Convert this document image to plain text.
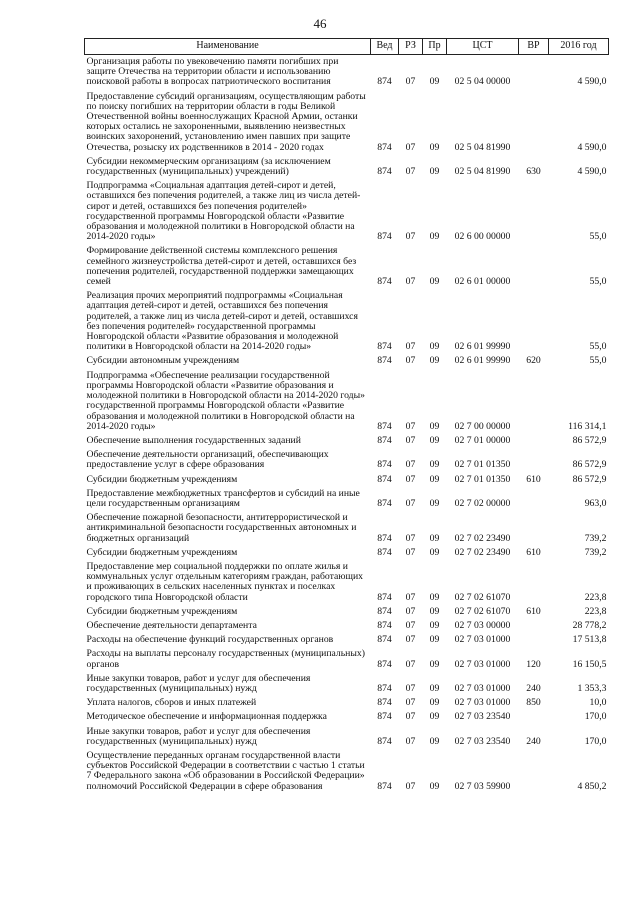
46
Наименование	Вед	РЗ	Пр	ЦСТ	ВР	2016 год
Организация работы по увековечению памяти погибших при защите Отечества на территории области и использованию поисковой работы в вопросах патриотического воспитания	874	07	09	02 5 04 00000		4 590,0
Предоставление субсидий организациям, осуществляющим работы по поиску погибших на территории области в годы Великой Отечественной войны военнослужащих Красной Армии, останки которых остались не захороненными, выявлению неизвестных воинских захоронений, установлению имен павших при защите Отечества, розыску их родственников в 2014 - 2020 годах	874	07	09	02 5 04 81990		4 590,0
Субсидии некоммерческим организациям (за исключением государственных (муниципальных) учреждений)	874	07	09	02 5 04 81990	630	4 590,0
Подпрограмма «Социальная адаптация детей-сирот и детей, оставшихся без попечения родителей, а также лиц из числа детей-сирот и детей, оставшихся без попечения родителей» государственной программы Новгородской области «Развитие образования и молодежной политики в Новгородской области на 2014-2020 годы»	874	07	09	02 6 00 00000		55,0
Формирование действенной системы комплексного решения семейного жизнеустройства детей-сирот и детей, оставшихся без попечения родителей, государственной поддержки замещающих семей	874	07	09	02 6 01 00000		55,0
Реализация прочих мероприятий подпрограммы «Социальная адаптация детей-сирот и детей, оставшихся без попечения родителей, а также лиц из числа детей-сирот и детей, оставшихся без попечения родителей» государственной программы Новгородской области «Развитие образования и молодежной политики в Новгородской области на 2014-2020 годы»	874	07	09	02 6 01 99990		55,0
Субсидии автономным учреждениям	874	07	09	02 6 01 99990	620	55,0
Подпрограмма «Обеспечение реализации государственной программы Новгородской области «Развитие образования и молодежной политики в Новгородской области на 2014-2020 годы» государственной программы Новгородской области «Развитие образования и молодежной политики в Новгородской области на 2014-2020 годы»	874	07	09	02 7 00 00000		116 314,1
Обеспечение выполнения государственных заданий	874	07	09	02 7 01 00000		86 572,9
Обеспечение деятельности организаций, обеспечивающих предоставление услуг в сфере образования	874	07	09	02 7 01 01350		86 572,9
Субсидии бюджетным учреждениям	874	07	09	02 7 01 01350	610	86 572,9
Предоставление межбюджетных трансфертов и субсидий на иные цели государственным организациям	874	07	09	02 7 02 00000		963,0
Обеспечение пожарной безопасности, антитеррористической и антикриминальной безопасности государственных автономных и бюджетных организаций	874	07	09	02 7 02 23490		739,2
Субсидии бюджетным учреждениям	874	07	09	02 7 02 23490	610	739,2
Предоставление мер социальной поддержки по оплате жилья и коммунальных услуг отдельным категориям граждан, работающих и проживающих в сельских населенных пунктах и поселках городского типа Новгородской области	874	07	09	02 7 02 61070		223,8
Субсидии бюджетным учреждениям	874	07	09	02 7 02 61070	610	223,8
Обеспечение деятельности департамента	874	07	09	02 7 03 00000		28 778,2
Расходы на обеспечение функций государственных органов	874	07	09	02 7 03 01000		17 513,8
Расходы на выплаты персоналу государственных (муниципальных) органов	874	07	09	02 7 03 01000	120	16 150,5
Иные закупки товаров, работ и услуг для обеспечения государственных (муниципальных) нужд	874	07	09	02 7 03 01000	240	1 353,3
Уплата налогов, сборов и иных платежей	874	07	09	02 7 03 01000	850	10,0
Методическое обеспечение и информационная поддержка	874	07	09	02 7 03 23540		170,0
Иные закупки товаров, работ и услуг для обеспечения государственных (муниципальных) нужд	874	07	09	02 7 03 23540	240	170,0
Осуществление переданных органам государственной власти субъектов Российской Федерации в соответствии с частью 1 статьи 7 Федерального закона «Об образовании в Российской Федерации» полномочий Российской Федерации в сфере образования	874	07	09	02 7 03 59900		4 850,2
